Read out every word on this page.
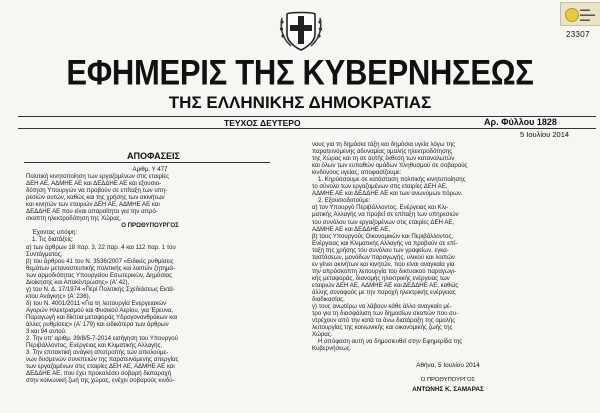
▬▬
▬▬▬
▬▬
23307
ΕΦΗΜΕΡΙΣ ΤΗΣ ΚΥΒΕΡΝΗΣΕΩΣ
ΤΗΣ ΕΛΛΗΝΙΚΗΣ ΔΗΜΟΚΡΑΤΙΑΣ
ΤΕΥΧΟΣ ΔΕΥΤΕΡΟ	Αρ. Φύλλου 1828
5 Ιουλίου 2014
ΑΠΟΦΑΣΕΙΣ

Αριθμ. Υ 477

Πολιτική κινητοποίηση των εργαζομένων στις εταιρίες

ΔΕΗ ΑΕ, ΑΔΜΗΕ ΑΕ και ΔΕΔΔΗΕ ΑΕ και εξουσιο-

δότηση Υπουργών να προβούν σε επίταξη των υπη-

ρεσιών αυτών, καθώς και της χρήσης των ακινήτων

και κινητών των εταιριών ΔΕΗ ΑΕ, ΑΔΜΗΕ ΑΕ και

ΔΕΔΔΗΕ ΑΕ που είναι απαραίτητα για την απρό-

σκοπτη ηλεκτροδότηση της Χώρας.

Ο ΠΡΩΘΥΠΟΥΡΓΟΣ

Έχοντας υπόψη:

1. Τις διατάξεις:

α) των άρθρων 18 παρ. 3, 22 παρ. 4 και 112 παρ. 1 του

Συντάγματος,

β) του άρθρου 41 του Ν. 3536/2007 «Ειδικές ρυθμίσεις

θεμάτων μεταναστευτικής πολιτικής και λοιπών ζητημά-

των αρμοδιότητας Υπουργείου Εσωτερικών, Δημόσιας

Διοίκησης και Αποκέντρωσης» (Α' 42),

γ) του Ν. Δ. 17/1974 «Περί Πολιτικής Σχεδιάσεως Εκτά-

κτου Ανάγκης» (Α' 236),

δ) του Ν. 4001/2011 «Για τη λειτουργία Ενεργειακών

Αγορών Ηλεκτρισμού και Φυσικού Αερίου, για Έρευνα,

Παραγωγή και δίκτυα μεταφοράς Υδρογονανθράκων και

άλλες ρυθμίσεις» (Α' 179) και ειδικότερα των άρθρων

3 και 94 αυτού.

2. Την υπ' αριθμ. 39/8/5-7-2014 εισήγηση του Υπουργού

Περιβάλλοντος, Ενέργειας και Κλιματικής Αλλαγής.

3. Την επιτακτική ανάγκη αποτροπής των απειλούμε-

νων δυσμενών συνεπειών της παρατεινόμενης απεργίας

των εργαζομένων στις εταιρίες ΔΕΗ ΑΕ, ΑΔΜΗΕ ΑΕ και

ΔΕΔΔΗΕ ΑΕ, που έχει προκαλέσει σοβαρή διαταραχή

στην κοινωνική ζωή της χώρας, ενέχει σοβαρούς κινδύ-

νους για τη δημόσια τάξη και δημόσια υγεία λόγω της

παρατεινόμενης αδυναμίας ομαλής ηλεκτροδότησης

της Χώρας και τη σε αυτής έκθεση των καταναλωτών

και όλων των ευπαθών ομάδων πληθυσμού σε σοβαρούς

κινδύνους υγείας, αποφασίζουμε:

1. Κηρύσσουμε σε κατάσταση πολιτικής κινητοποίησης

το σύνολο των εργαζομένων στις εταιρίες ΔΕΗ ΑΕ,

ΑΔΜΗΕ ΑΕ και ΔΕΔΔΗΕ ΑΕ και των ανωνύμων πόρων.

2. Εξουσιοδοτούμε:

α) τον Υπουργό Περιβάλλοντος, Ενέργειας και Κλι-

ματικής Αλλαγής να προβεί σε επίταξη των υπηρεσιών

του συνόλου των εργαζομένων στις εταιρίες ΔΕΗ ΑΕ,

ΑΔΜΗΕ ΑΕ και ΔΕΔΔΗΕ ΑΕ,

β) τους Υπουργούς Οικονομικών και Περιβάλλοντος,

Ενέργειας και Κλιματικής Αλλαγής να προβούν σε επί-

ταξη της χρήσης του συνόλου των γραφείων, εγκα-

ταστάσεων, μονάδων παραγωγής, υλικού και λοιπών

εν γένει ακινήτων και κινητών, που είναι αναγκαία για

την απρόσκοπτη λειτουργία του δικτυακού παραγωγι-

κής μεταφοράς, διανομής ηλεκτρικής ενέργειας των

εταιριών ΔΕΗ ΑΕ, ΑΔΜΗΕ ΑΕ και ΔΕΔΔΗΕ ΑΕ, καθώς

άλλης συναφούς με την παροχή ηλεκτρικής ενέργειας

διαδικασίας.

γ) τους ανωτέρω να λάβουν κάθε άλλο αναγκαίο μέ-

τρο για τη διασφάλιση των δημοσίων σκοπών που συ-

ντρέχουν από την κατά τα άνω διατάραξη της ομαλής

λειτουργίας της κοινωνικής και οικονομικής ζωής της

Χώρας.

Η απόφαση αυτή να δημοσιευθεί στην Εφημερίδα της

Κυβερνήσεως.

Αθήνα, 5 Ιουλίου 2014
Ο ΠΡΩΘΥΠΟΥΡΓΟΣ
ΑΝΤΩΝΗΣ Κ. ΣΑΜΑΡΑΣ
